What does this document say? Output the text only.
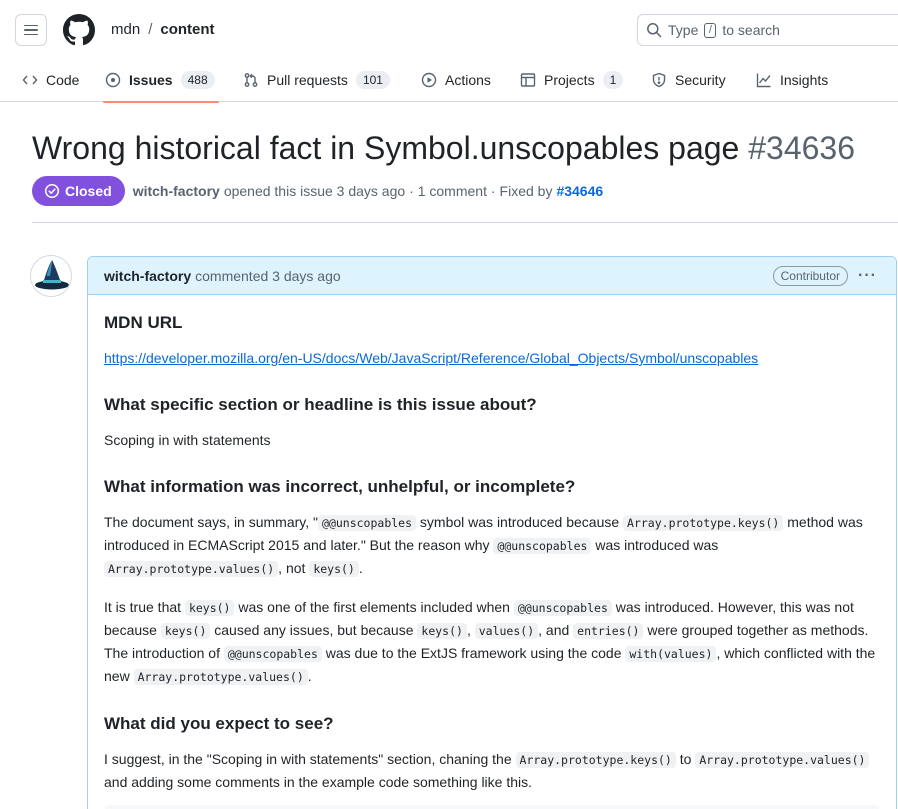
mdn / content	Type / to search
Code	Issues	488	Pull requests	101	Actions	Projects	1	Security	Insights
Wrong historical fact in Symbol.unscopables page #34636
Closed witch-factory opened this issue 3 days ago · 1 comment · Fixed by #34646
witch-factory commented 3 days ago	Contributor	···
MDN URL

https://developer.mozilla.org/en-US/docs/Web/JavaScript/Reference/Global_Objects/Symbol/unscopables

What specific section or headline is this issue about?

Scoping in with statements

What information was incorrect, unhelpful, or incomplete?

The document says, in summary, " @@unscopables symbol was introduced because Array.prototype.keys() method was introduced in ECMAScript 2015 and later." But the reason why @@unscopables was introduced was Array.prototype.values() , not keys() .

It is true that keys() was one of the first elements included when @@unscopables was introduced. However, this was not because keys() caused any issues, but because keys() , values() , and entries() were grouped together as methods. The introduction of @@unscopables was due to the ExtJS framework using the code with(values) , which conflicted with the new Array.prototype.values() .

What did you expect to see?

I suggest, in the "Scoping in with statements" section, chaning the Array.prototype.keys() to Array.prototype.values() and adding some comments in the example code something like this.
